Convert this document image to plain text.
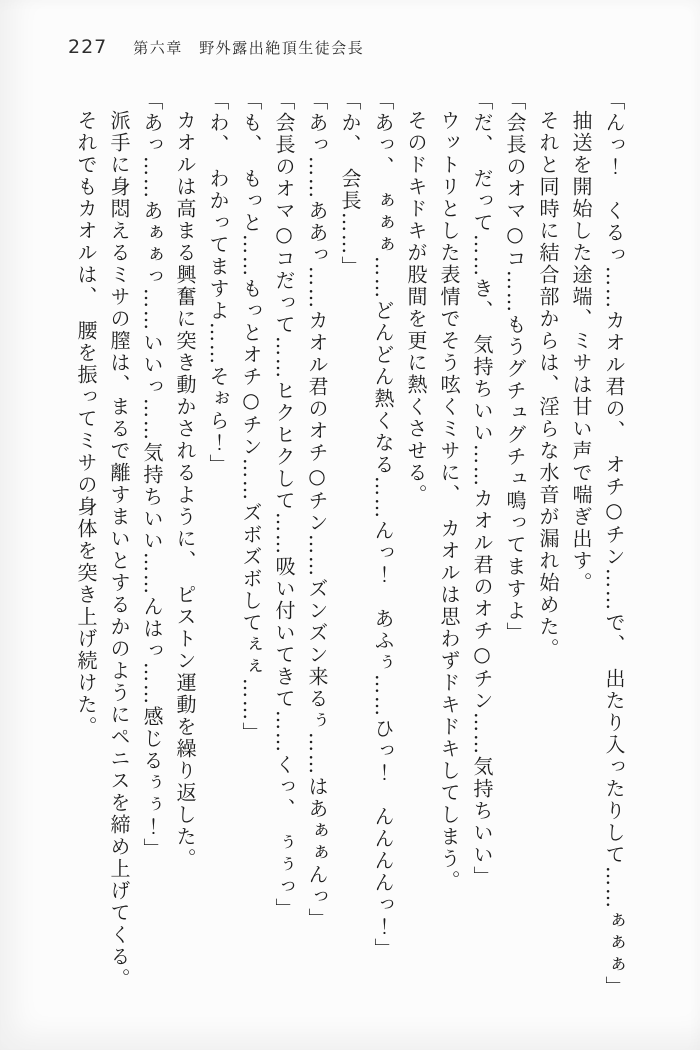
227 第六章　野外露出絶頂生徒会長

「んっ！　くるっ……カオル君の、　オチ○チン……で、　出たり入ったりして……ぁぁぁ」

抽送を開始した途端、ミサは甘い声で喘ぎ出す。

それと同時に結合部からは、淫らな水音が漏れ始めた。

「会長のオマ○コ……もうグチュグチュ鳴ってますよ」

「だ、　だって……き、　気持ちいい……カオル君のオチ○チン……気持ちいい」

ウットリとした表情でそう呟くミサに、　カオルは思わずドキドキしてしまう。

そのドキドキが股間を更に熱くさせる。

「あっ、　ぁぁぁ……どんどん熱くなる……んっ！　あふぅ……ひっ！　んんんんっ！」

「か、　会長……」

「あっ……ああっ……カオル君のオチ○チン……ズンズン来るぅ……はあぁぁんっ」

「会長のオマ○コだって……ヒクヒクして……吸い付いてきて……くっ、　ぅぅっ」

「も、　もっと……もっとオチ○チン……ズボズボしてぇぇ……」

「わ、　わかってますよ……そぉら！」

カオルは高まる興奮に突き動かされるように、　ピストン運動を繰り返した。

「あっ……あぁぁっ……いいっ……気持ちいい……んはっ……感じるぅぅ！」

派手に身悶えるミサの膣は、まるで離すまいとするかのようにペニスを締め上げてくる。

それでもカオルは、　腰を振ってミサの身体を突き上げ続けた。
